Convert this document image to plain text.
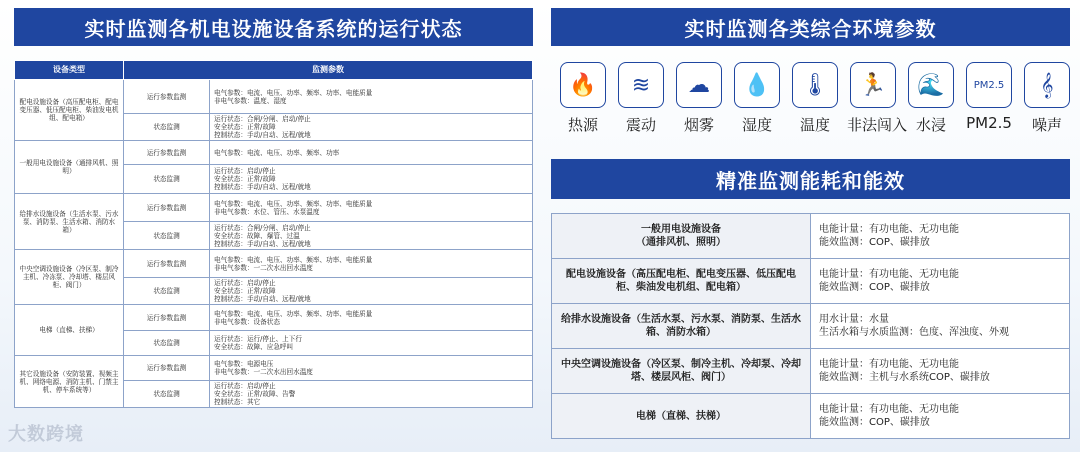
实时监测各机电设施设备系统的运行状态	实时监测各类综合环境参数
精准监测能耗和能效
设备类型	监测参数	
配电设施设备（高压配电柜、配电变压器、低压配电柜、柴油发电机组、配电箱）	运行参数监测	电气参数：电流、电压、功率、频率、功率、电能质量
非电气参数：温度、湿度
	状态监测	运行状态：合闸/分闸、启动/停止
安全状态：正常/故障
控制状态：手动/自动、远程/就地
一般用电设施设备（通排风机、照明）	运行参数监测	电气参数：电流、电压、功率、频率、功率
	状态监测	运行状态：启动/停止
安全状态：正常/故障
控制状态：手动/自动、远程/就地
给排水设施设备（生活水泵、污水泵、消防泵、生活水箱、消防水箱）	运行参数监测	电气参数：电流、电压、功率、频率、功率、电能质量
非电气参数：水位、管压、水泵温度
	状态监测	运行状态：合闸/分闸、启动/停止
安全状态：故障、爆管、过温
控制状态：手动/自动、远程/就地
中央空调设施设备（冷区泵、制冷主机、冷冻泵、冷却塔、楼层风柜、阀门）	运行参数监测	电气参数：电流、电压、功率、频率、功率、电能质量
非电气参数：一二次水出回水温度
	状态监测	运行状态：启动/停止
安全状态：正常/故障
控制状态：手动/自动、远程/就地
电梯（直梯、扶梯）	运行参数监测	电气参数：电流、电压、功率、频率、功率、电能质量
非电气参数：设备状态
	状态监测	运行状态：运行/停止、上下行
安全状态：故障、应急呼叫
其它设施设备（安防装置、视频主机、网络电源、消防主机、门禁主机、停车系统等）	运行参数监测	电气参数：电源电压
非电气参数：一二次水出回水温度
	状态监测	运行状态：启动/停止
安全状态：正常/故障、告警
控制状态：其它
🔥
热源
≋
震动
☁
烟雾
💧
湿度
🌡
温度
🏃
非法闯入
🌊
水浸
PM2.5
PM2.5
𝄞
噪声
一般用电设施设备
（通排风机、照明）	电能计量：有功电能、无功电能
能效监测：COP、碳排放
配电设施设备（高压配电柜、配电变压器、低压配电柜、柴油发电机组、配电箱）	电能计量：有功电能、无功电能
能效监测：COP、碳排放
给排水设施设备（生活水泵、污水泵、消防泵、生活水箱、消防水箱）	用水计量：水量
生活水箱与水质监测：色度、浑浊度、外观
中央空调设施设备（冷区泵、制冷主机、冷却泵、冷却塔、楼层风柜、阀门）	电能计量：有功电能、无功电能
能效监测：主机与水系统COP、碳排放
电梯（直梯、扶梯）	电能计量：有功电能、无功电能
能效监测：COP、碳排放
大数跨境
